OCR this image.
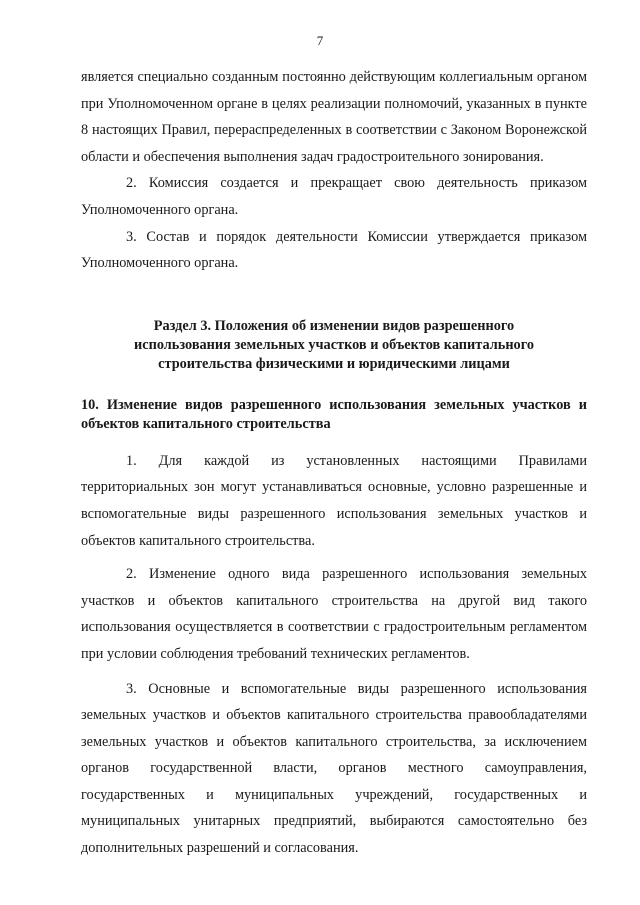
7

является специально созданным постоянно действующим коллегиальным органом при Уполномоченном органе в целях реализации полномочий, указанных в пункте 8 настоящих Правил, перераспределенных в соответствии с Законом Воронежской области и обеспечения выполнения задач градостроительного зонирования.

2. Комиссия создается и прекращает свою деятельность приказом Уполномоченного органа.

3. Состав и порядок деятельности Комиссии утверждается приказом Уполномоченного органа.

Раздел 3. Положения об изменении видов разрешенного использования земельных участков и объектов капитального строительства физическими и юридическими лицами
10. Изменение видов разрешенного использования земельных участков и объектов капитального строительства

1. Для каждой из установленных настоящими Правилами территориальных зон могут устанавливаться основные, условно разрешенные и вспомогательные виды разрешенного использования земельных участков и объектов капитального строительства.

2. Изменение одного вида разрешенного использования земельных участков и объектов капитального строительства на другой вид такого использования осуществляется в соответствии с градостроительным регламентом при условии соблюдения требований технических регламентов.

3. Основные и вспомогательные виды разрешенного использования земельных участков и объектов капитального строительства правообладателями земельных участков и объектов капитального строительства, за исключением органов государственной власти, органов местного самоуправления, государственных и муниципальных учреждений, государственных и муниципальных унитарных предприятий, выбираются самостоятельно без дополнительных разрешений и согласования.
